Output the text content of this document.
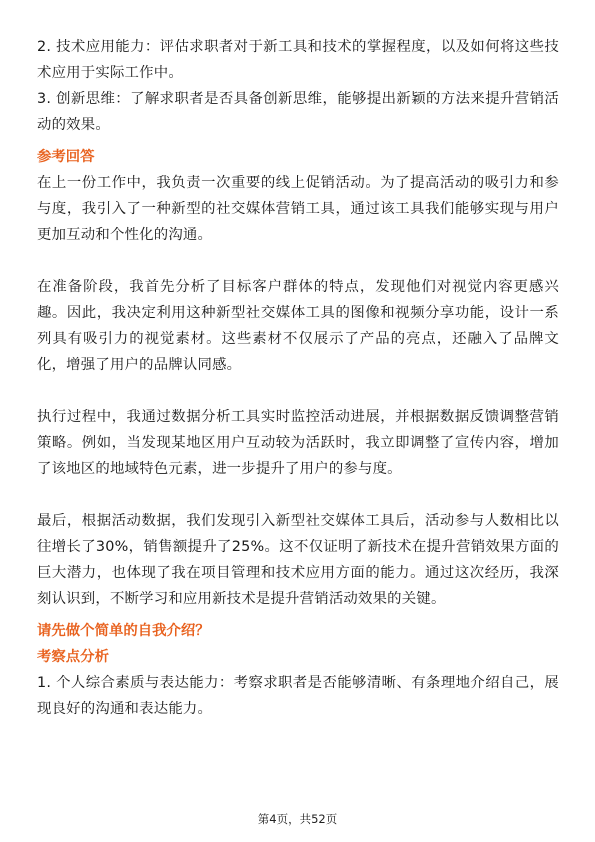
2. 技术应用能力：评估求职者对于新工具和技术的掌握程度，以及如何将这些技术应用于实际工作中。

3. 创新思维：了解求职者是否具备创新思维，能够提出新颖的方法来提升营销活动的效果。

参考回答

在上一份工作中，我负责一次重要的线上促销活动。为了提高活动的吸引力和参与度，我引入了一种新型的社交媒体营销工具，通过该工具我们能够实现与用户更加互动和个性化的沟通。

在准备阶段，我首先分析了目标客户群体的特点，发现他们对视觉内容更感兴趣。因此，我决定利用这种新型社交媒体工具的图像和视频分享功能，设计一系列具有吸引力的视觉素材。这些素材不仅展示了产品的亮点，还融入了品牌文化，增强了用户的品牌认同感。

执行过程中，我通过数据分析工具实时监控活动进展，并根据数据反馈调整营销策略。例如，当发现某地区用户互动较为活跃时，我立即调整了宣传内容，增加了该地区的地域特色元素，进一步提升了用户的参与度。

最后，根据活动数据，我们发现引入新型社交媒体工具后，活动参与人数相比以往增长了30%，销售额提升了25%。这不仅证明了新技术在提升营销效果方面的巨大潜力，也体现了我在项目管理和技术应用方面的能力。通过这次经历，我深刻认识到，不断学习和应用新技术是提升营销活动效果的关键。

请先做个简单的自我介绍？

考察点分析

1. 个人综合素质与表达能力：考察求职者是否能够清晰、有条理地介绍自己，展现良好的沟通和表达能力。

第4页，共52页
